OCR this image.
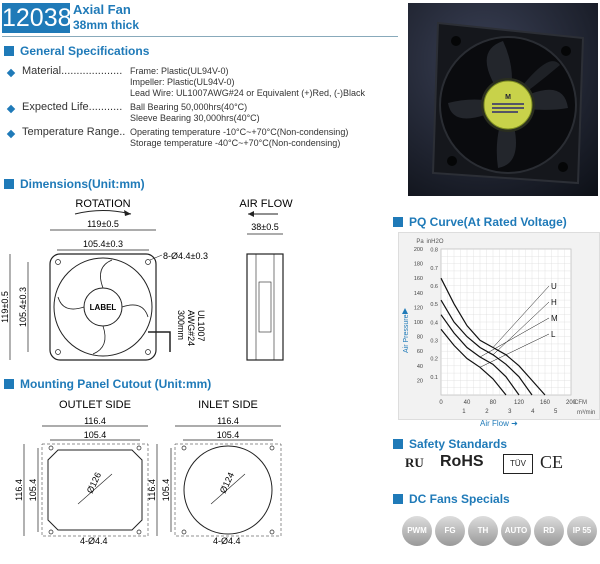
12038 Axial Fan
38mm thick
General Specifications
Material.................... Frame: Plastic(UL94V-0)
Impeller: Plastic(UL94V-0)
Lead Wire: UL1007AWG#24 or Equivalent (+)Red, (-)Black
Expected Life........... Ball Bearing 50,000hrs(40°C)
Sleeve Bearing 30,000hrs(40°C)
Temperature Range.. Operating temperature -10°C~+70°C(Non-condensing)
Storage temperature -40°C~+70°C(Non-condensing)
M
Dimensions(Unit:mm)
ROTATION
119±0.5
105.4±0.3
8-Ø4.4±0.3
LABEL
119±0.5 105.4±0.3	UL1007
AWG#24
300mm
AIR FLOW
38±0.5
Mounting Panel Cutout (Unit:mm)
OUTLET SIDE
116.4
105.4
Ø126
116.4 105.4
4-Ø4.4
INLET SIDE
116.4
105.4
Ø124
116.4 105.4
4-Ø4.4
PQ Curve(At Rated Voltage)
U
H
M
L
20
40
60
80
100
120
140
160
180
200
0.1
0.2
0.3
0.4
0.5
0.6
0.7
0.8
0	40	80	120	160	200
1	2	3	4	5
Air Pressure
Pa inH2O
CFM
m³/min
Air Flow ➜
Safety Standards
RU RoHS	TÜV CE
DC Fans Specials
PWM	FG	TH	AUTO	RD	IP 55
